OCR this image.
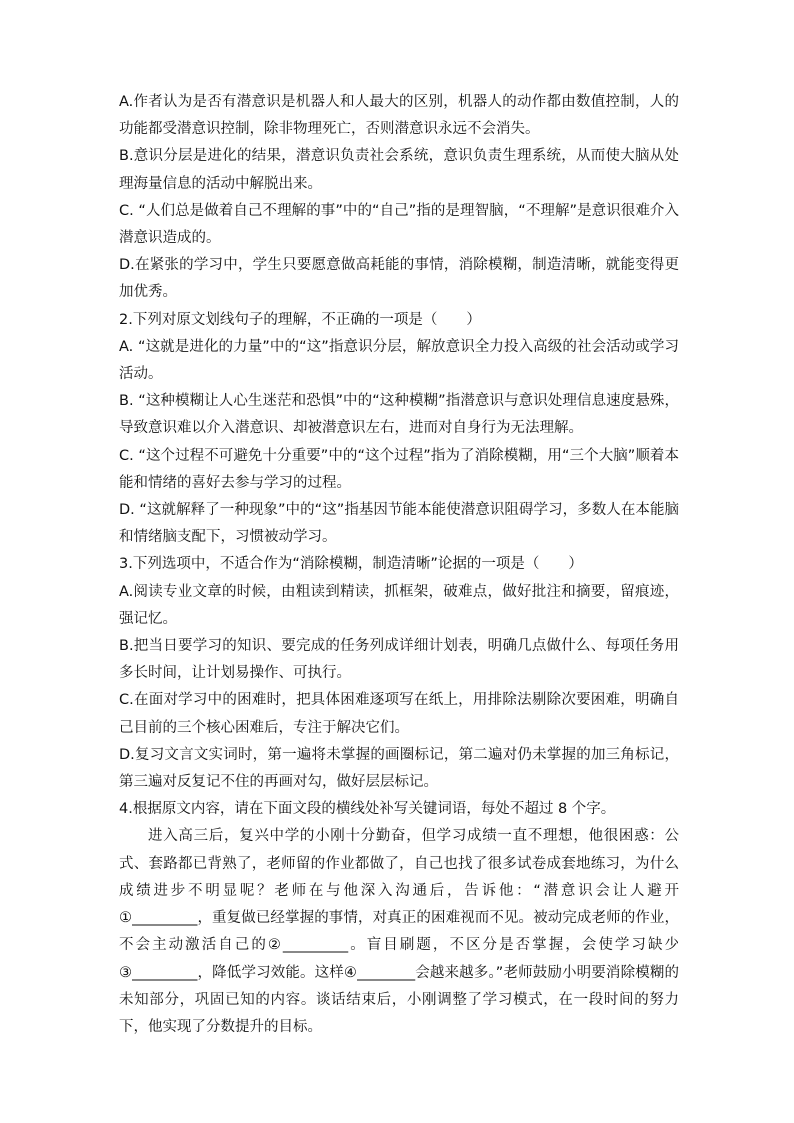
A.作者认为是否有潜意识是机器人和人最大的区别，机器人的动作都由数值控制，人的功能都受潜意识控制，除非物理死亡，否则潜意识永远不会消失。

B.意识分层是进化的结果，潜意识负责社会系统，意识负责生理系统，从而使大脑从处理海量信息的活动中解脱出来。

C. “人们总是做着自己不理解的事”中的“自己”指的是理智脑，“不理解”是意识很难介入潜意识造成的。

D.在紧张的学习中，学生只要愿意做高耗能的事情，消除模糊，制造清晰，就能变得更加优秀。

2.下列对原文划线句子的理解，不正确的一项是（　　）

A. “这就是进化的力量”中的“这”指意识分层，解放意识全力投入高级的社会活动或学习活动。

B. “这种模糊让人心生迷茫和恐惧”中的“这种模糊”指潜意识与意识处理信息速度悬殊，导致意识难以介入潜意识、却被潜意识左右，进而对自身行为无法理解。

C. “这个过程不可避免十分重要”中的“这个过程”指为了消除模糊，用“三个大脑”顺着本能和情绪的喜好去参与学习的过程。

D. “这就解释了一种现象”中的“这”指基因节能本能使潜意识阻碍学习，多数人在本能脑和情绪脑支配下，习惯被动学习。

3.下列选项中，不适合作为“消除模糊，制造清晰”论据的一项是（　　）

A.阅读专业文章的时候，由粗读到精读，抓框架，破难点，做好批注和摘要，留痕迹，强记忆。

B.把当日要学习的知识、要完成的任务列成详细计划表，明确几点做什么、每项任务用多长时间，让计划易操作、可执行。

C.在面对学习中的困难时，把具体困难逐项写在纸上，用排除法剔除次要困难，明确自己目前的三个核心困难后，专注于解决它们。

D.复习文言文实词时，第一遍将未掌握的画圈标记，第二遍对仍未掌握的加三角标记，第三遍对反复记不住的再画对勾，做好层层标记。

4.根据原文内容，请在下面文段的横线处补写关键词语，每处不超过 8 个字。

进入高三后，复兴中学的小刚十分勤奋，但学习成绩一直不理想，他很困惑：公式、套路都已背熟了，老师留的作业都做了，自己也找了很多试卷成套地练习，为什么成绩进步不明显呢？老师在与他深入沟通后，告诉他：“潜意识会让人避开①_________，重复做已经掌握的事情，对真正的困难视而不见。被动完成老师的作业，不会主动激活自己的②_________。盲目刷题，不区分是否掌握，会使学习缺少③_________，降低学习效能。这样④________会越来越多。”老师鼓励小明要消除模糊的未知部分，巩固已知的内容。谈话结束后，小刚调整了学习模式，在一段时间的努力下，他实现了分数提升的目标。
